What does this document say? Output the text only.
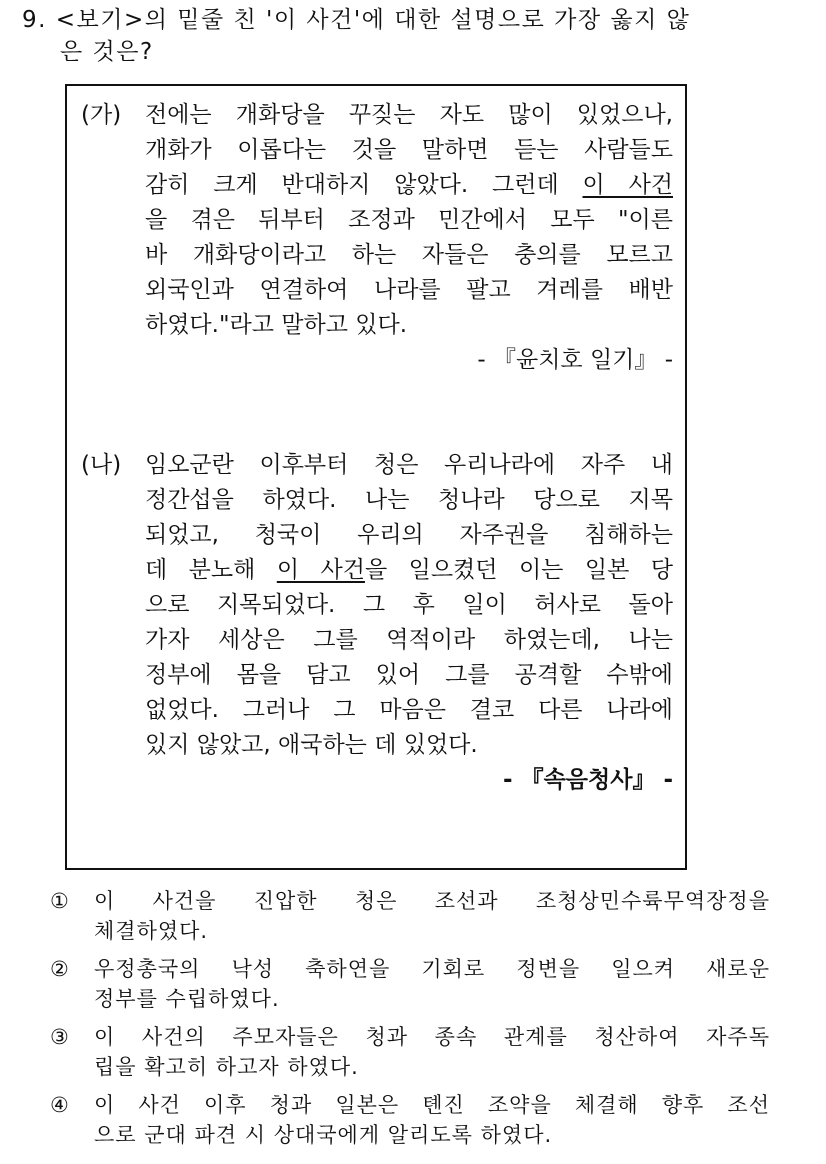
9. <보기>의 밑줄 친 '이 사건'에 대한 설명으로 가장 옳지 않
은 것은?
(가) 전에는 개화당을 꾸짖는 자도 많이 있었으나,
개화가 이롭다는 것을 말하면 듣는 사람들도
감히 크게 반대하지 않았다. 그런데 이 사건
을 겪은 뒤부터 조정과 민간에서 모두 "이른
바 개화당이라고 하는 자들은 충의를 모르고
외국인과 연결하여 나라를 팔고 겨레를 배반
하였다."라고 말하고 있다.
- 『윤치호 일기』 -
(나) 임오군란 이후부터 청은 우리나라에 자주 내
정간섭을 하였다. 나는 청나라 당으로 지목
되었고, 청국이 우리의 자주권을 침해하는
데 분노해 이 사건을 일으켰던 이는 일본 당
으로 지목되었다. 그 후 일이 허사로 돌아
가자 세상은 그를 역적이라 하였는데, 나는
정부에 몸을 담고 있어 그를 공격할 수밖에
없었다. 그러나 그 마음은 결코 다른 나라에
있지 않았고, 애국하는 데 있었다.
- 『속음청사』 -
① 이 사건을 진압한 청은 조선과 조청상민수륙무역장정을
체결하였다.
② 우정총국의 낙성 축하연을 기회로 정변을 일으켜 새로운
정부를 수립하였다.
③ 이 사건의 주모자들은 청과 종속 관계를 청산하여 자주독
립을 확고히 하고자 하였다.
④ 이 사건 이후 청과 일본은 톈진 조약을 체결해 향후 조선
으로 군대 파견 시 상대국에게 알리도록 하였다.
